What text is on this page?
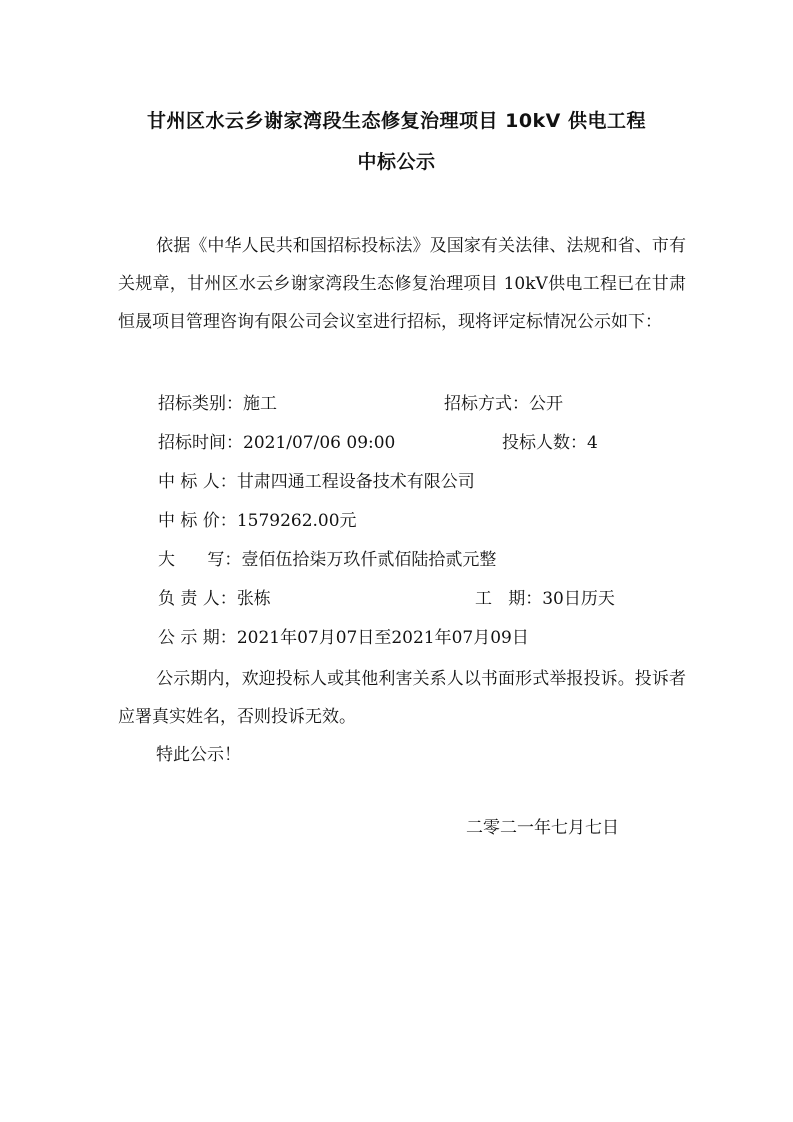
甘州区水云乡谢家湾段生态修复治理项目 10kV 供电工程
中标公示
依据《中华人民共和国招标投标法》及国家有关法律、法规和省、市有关规章，甘州区水云乡谢家湾段生态修复治理项目 10kV供电工程已在甘肃恒晟项目管理咨询有限公司会议室进行招标，现将评定标情况公示如下：
招标类别：施工	招标方式：公开
招标时间：2021/07/06 09:00	投标人数：4
中 标 人：甘肃四通工程设备技术有限公司
中 标 价：1579262.00元
大      写：壹佰伍拾柒万玖仟贰佰陆拾贰元整
负 责 人：张栋	工   期：30日历天
公 示 期：2021年07月07日至2021年07月09日
公示期内，欢迎投标人或其他利害关系人以书面形式举报投诉。投诉者应署真实姓名，否则投诉无效。
特此公示！
二零二一年七月七日
